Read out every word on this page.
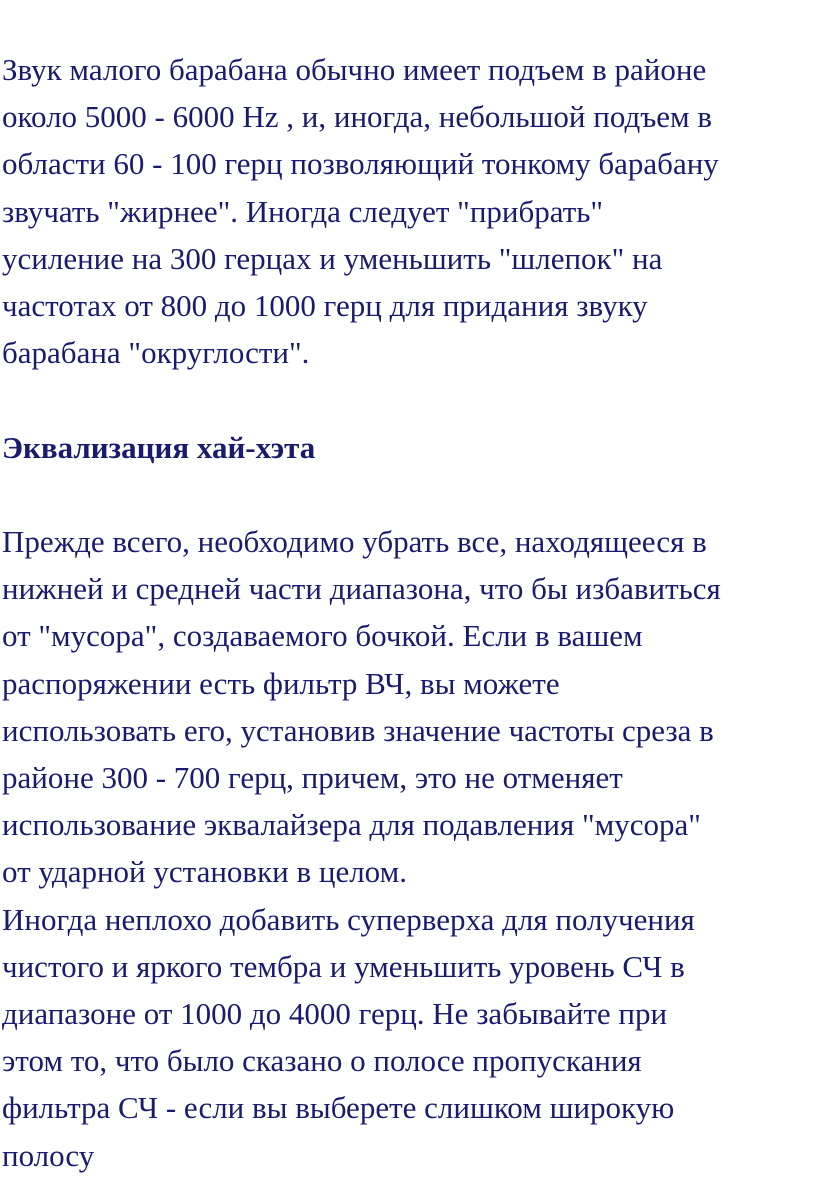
Звук малого барабана обычно имеет подъем в районе
около 5000 - 6000 Hz , и, иногда, небольшой подъем в
области 60 - 100 герц позволяющий тонкому барабану
звучать "жирнее". Иногда следует "прибрать"
усиление на 300 герцах и уменьшить "шлепок" на
частотах от 800 до 1000 герц для придания звуку
барабана "округлости".

Эквализация хай-хэта

Прежде всего, необходимо убрать все, находящееся в
нижней и средней части диапазона, что бы избавиться
от "мусора", создаваемого бочкой. Если в вашем
распоряжении есть фильтр ВЧ, вы можете
использовать его, установив значение частоты среза в
районе 300 - 700 герц, причем, это не отменяет
использование эквалайзера для подавления "мусора"
от ударной установки в целом.

Иногда неплохо добавить суперверха для получения
чистого и яркого тембра и уменьшить уровень СЧ в
диапазоне от 1000 до 4000 герц. Не забывайте при
этом то, что было сказано о полосе пропускания
фильтра СЧ - если вы выберете слишком широкую
полосу
